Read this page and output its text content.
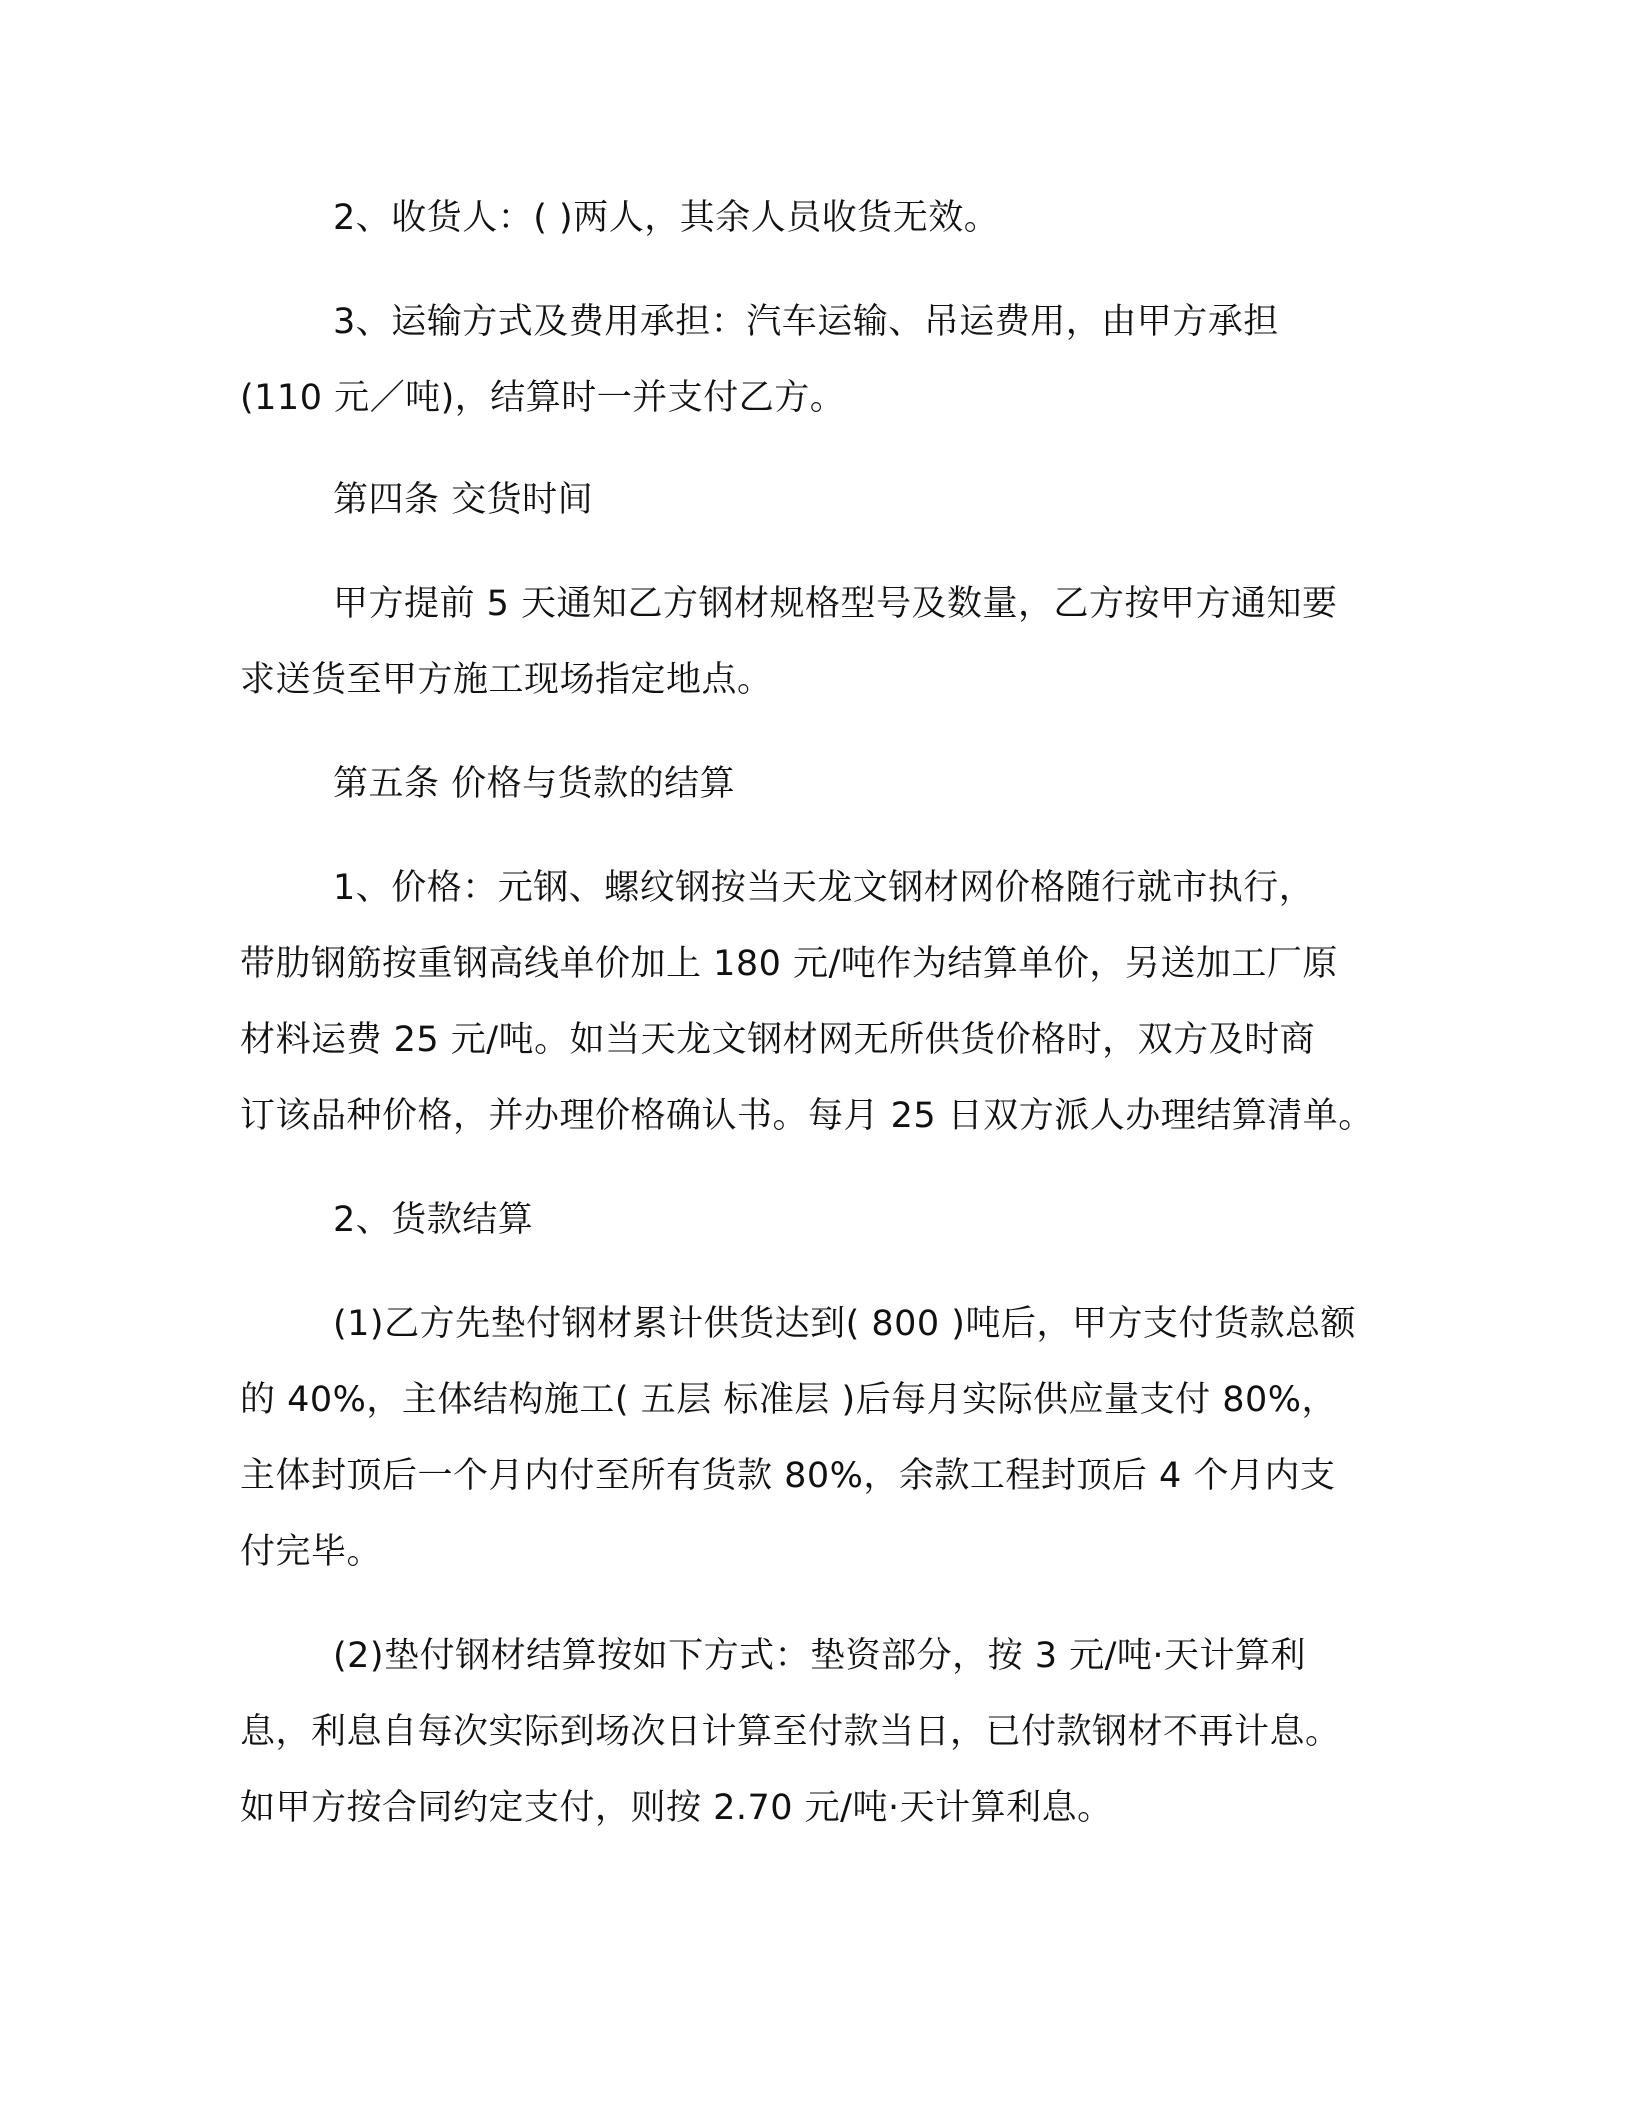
2、收货人：( )两人，其余人员收货无效。
3、运输方式及费用承担：汽车运输、吊运费用，由甲方承担
(110 元／吨)，结算时一并支付乙方。
第四条 交货时间
甲方提前 5 天通知乙方钢材规格型号及数量，乙方按甲方通知要
求送货至甲方施工现场指定地点。
第五条 价格与货款的结算
1、价格：元钢、螺纹钢按当天龙文钢材网价格随行就市执行，
带肋钢筋按重钢高线单价加上 180 元/吨作为结算单价，另送加工厂原
材料运费 25 元/吨。如当天龙文钢材网无所供货价格时，双方及时商
订该品种价格，并办理价格确认书。每月 25 日双方派人办理结算清单。
2、货款结算
(1)乙方先垫付钢材累计供货达到( 800 )吨后，甲方支付货款总额
的 40%，主体结构施工( 五层 标准层 )后每月实际供应量支付 80%，
主体封顶后一个月内付至所有货款 80%，余款工程封顶后 4 个月内支
付完毕。
(2)垫付钢材结算按如下方式：垫资部分，按 3 元/吨·天计算利
息，利息自每次实际到场次日计算至付款当日，已付款钢材不再计息。
如甲方按合同约定支付，则按 2.70 元/吨·天计算利息。
